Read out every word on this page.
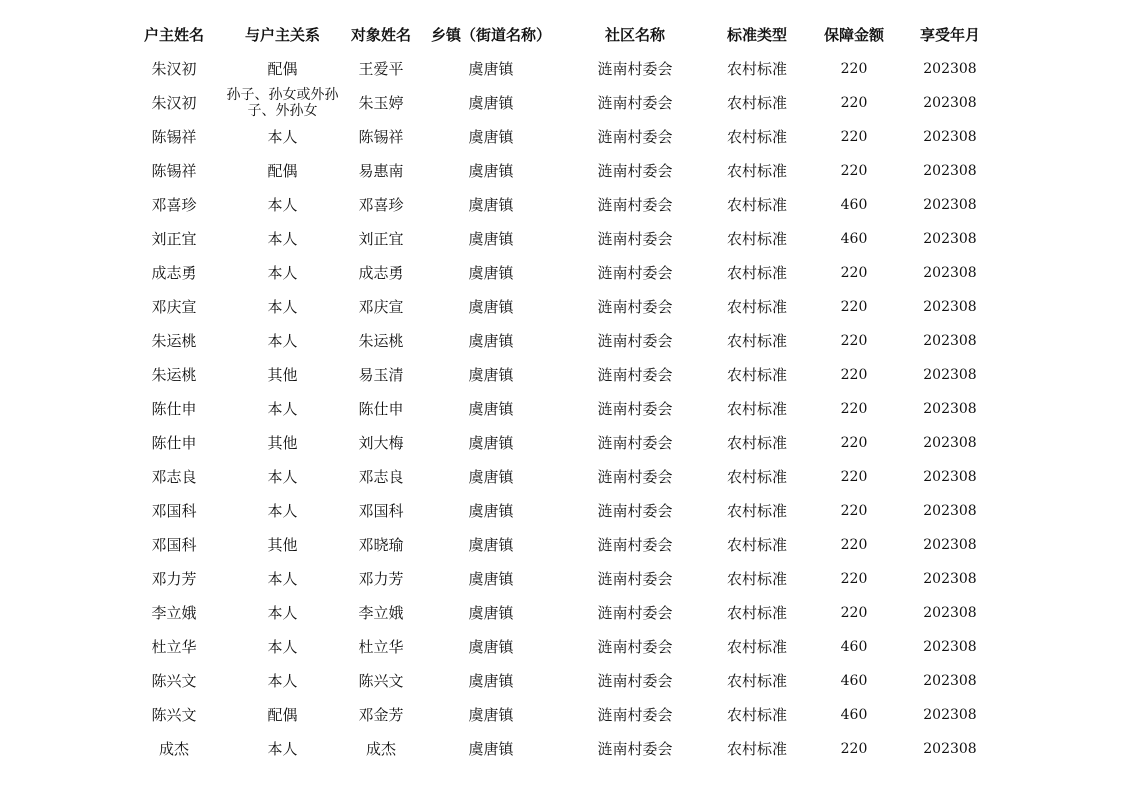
户主姓名	与户主关系	对象姓名	乡镇（街道名称）	社区名称	标准类型	保障金额	享受年月
朱汉初	配偶	王爱平	虞唐镇	涟南村委会	农村标准	220	202308
朱汉初	孙子、孙女或外孙子、外孙女	朱玉婷	虞唐镇	涟南村委会	农村标准	220	202308
陈锡祥	本人	陈锡祥	虞唐镇	涟南村委会	农村标准	220	202308
陈锡祥	配偶	易惠南	虞唐镇	涟南村委会	农村标准	220	202308
邓喜珍	本人	邓喜珍	虞唐镇	涟南村委会	农村标准	460	202308
刘正宜	本人	刘正宜	虞唐镇	涟南村委会	农村标准	460	202308
成志勇	本人	成志勇	虞唐镇	涟南村委会	农村标准	220	202308
邓庆宣	本人	邓庆宣	虞唐镇	涟南村委会	农村标准	220	202308
朱运桃	本人	朱运桃	虞唐镇	涟南村委会	农村标准	220	202308
朱运桃	其他	易玉清	虞唐镇	涟南村委会	农村标准	220	202308
陈仕申	本人	陈仕申	虞唐镇	涟南村委会	农村标准	220	202308
陈仕申	其他	刘大梅	虞唐镇	涟南村委会	农村标准	220	202308
邓志良	本人	邓志良	虞唐镇	涟南村委会	农村标准	220	202308
邓国科	本人	邓国科	虞唐镇	涟南村委会	农村标准	220	202308
邓国科	其他	邓晓瑜	虞唐镇	涟南村委会	农村标准	220	202308
邓力芳	本人	邓力芳	虞唐镇	涟南村委会	农村标准	220	202308
李立娥	本人	李立娥	虞唐镇	涟南村委会	农村标准	220	202308
杜立华	本人	杜立华	虞唐镇	涟南村委会	农村标准	460	202308
陈兴文	本人	陈兴文	虞唐镇	涟南村委会	农村标准	460	202308
陈兴文	配偶	邓金芳	虞唐镇	涟南村委会	农村标准	460	202308
成杰	本人	成杰	虞唐镇	涟南村委会	农村标准	220	202308
